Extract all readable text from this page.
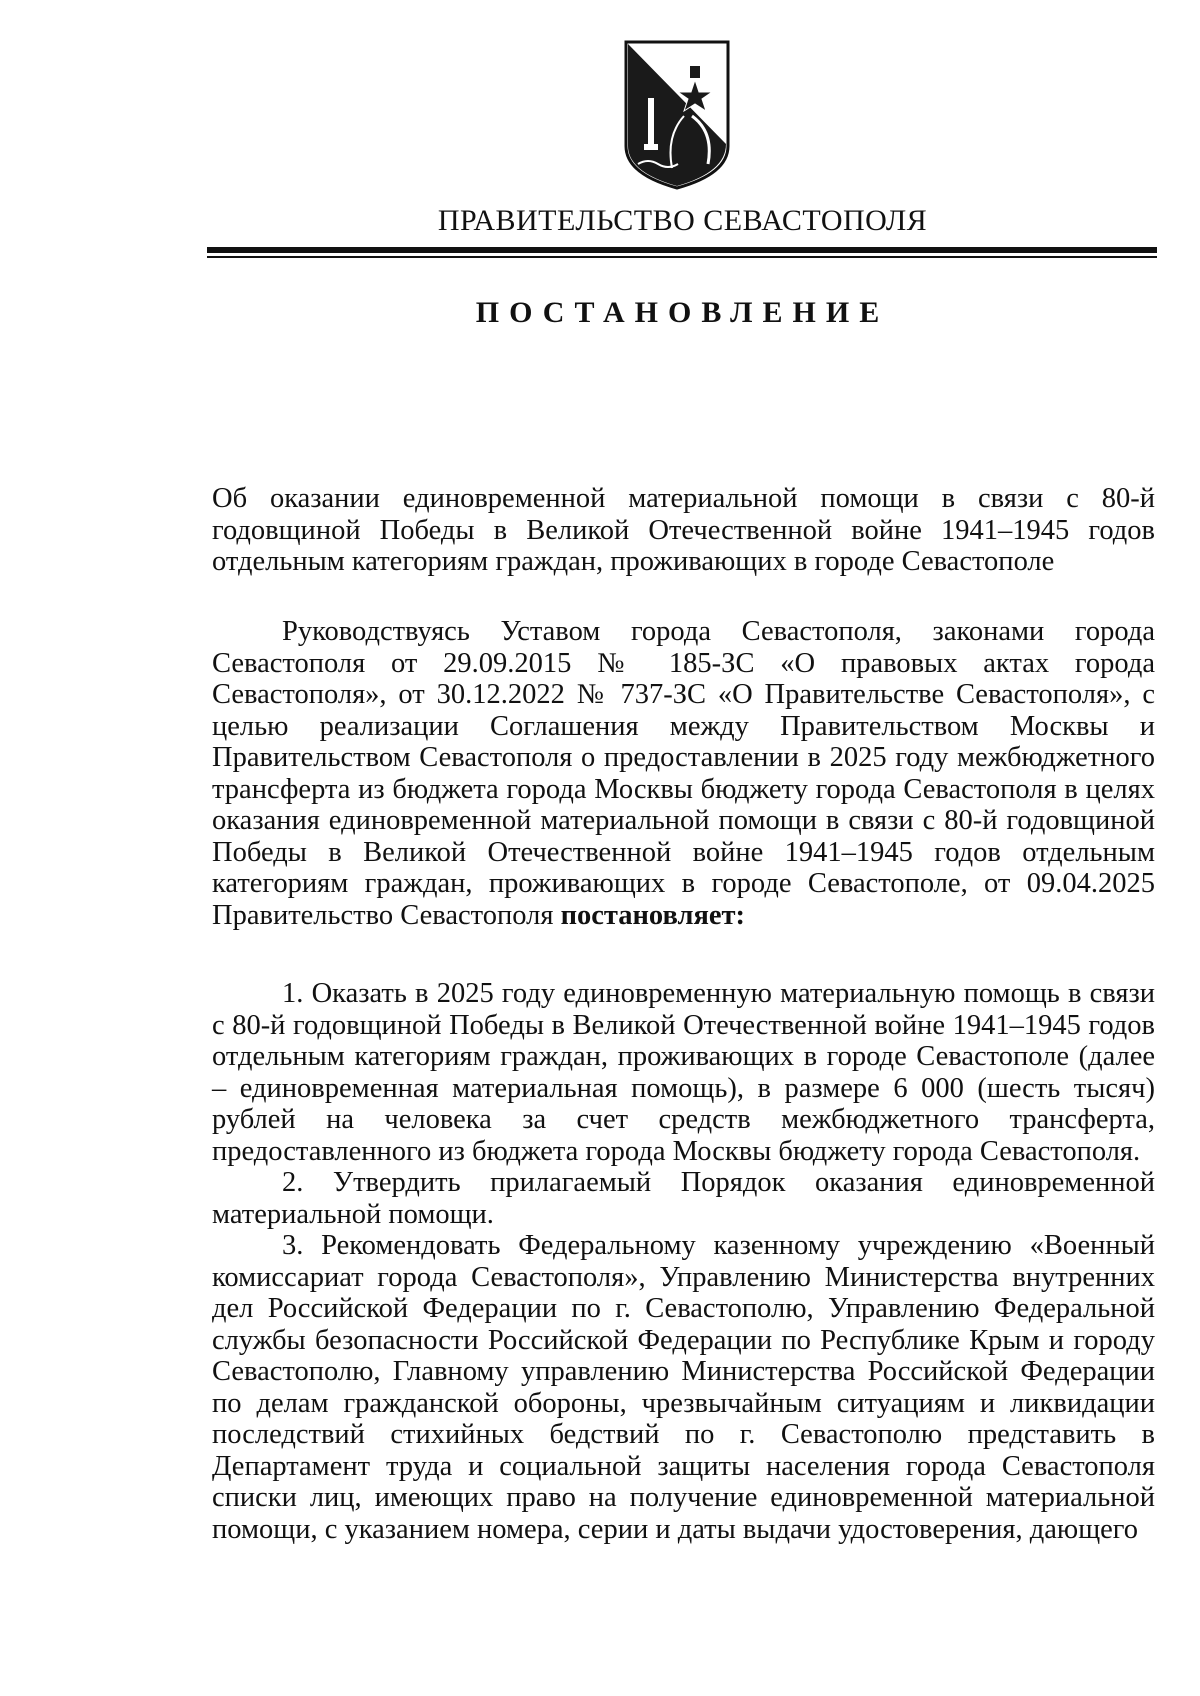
ПРАВИТЕЛЬСТВО СЕВАСТОПОЛЯ
ПОСТАНОВЛЕНИЕ

Об оказании единовременной материальной помощи в связи с 80-й годовщиной Победы в Великой Отечественной войне 1941–1945 годов отдельным категориям граждан, проживающих в городе Севастополе

Руководствуясь Уставом города Севастополя, законами города Севастополя от 29.09.2015 № 185-ЗС «О правовых актах города Севастополя», от 30.12.2022 № 737-ЗС «О Правительстве Севастополя», с целью реализации Соглашения между Правительством Москвы и Правительством Севастополя о предоставлении в 2025 году межбюджетного трансферта из бюджета города Москвы бюджету города Севастополя в целях оказания единовременной материальной помощи в связи с 80-й годовщиной Победы в Великой Отечественной войне 1941–1945 годов отдельным категориям граждан, проживающих в городе Севастополе, от 09.04.2025 Правительство Севастополя постановляет:

1. Оказать в 2025 году единовременную материальную помощь в связи с 80-й годовщиной Победы в Великой Отечественной войне 1941–1945 годов отдельным категориям граждан, проживающих в городе Севастополе (далее – единовременная материальная помощь), в размере 6 000 (шесть тысяч) рублей на человека за счет средств межбюджетного трансферта, предоставленного из бюджета города Москвы бюджету города Севастополя.

2. Утвердить прилагаемый Порядок оказания единовременной материальной помощи.

3. Рекомендовать Федеральному казенному учреждению «Военный комиссариат города Севастополя», Управлению Министерства внутренних дел Российской Федерации по г. Севастополю, Управлению Федеральной службы безопасности Российской Федерации по Республике Крым и городу Севастополю, Главному управлению Министерства Российской Федерации по делам гражданской обороны, чрезвычайным ситуациям и ликвидации последствий стихийных бедствий по г. Севастополю представить в Департамент труда и социальной защиты населения города Севастополя списки лиц, имеющих право на получение единовременной материальной помощи, с указанием номера, серии и даты выдачи удостоверения, дающего
